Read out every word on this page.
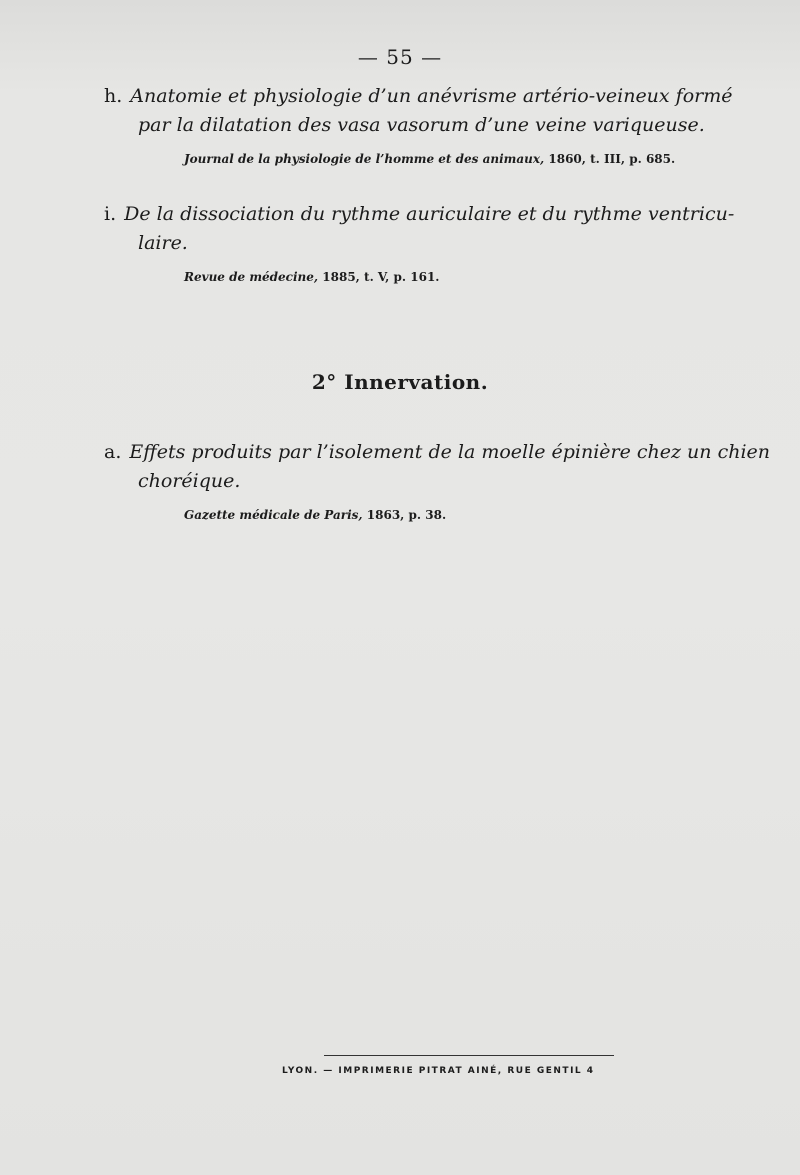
— 55 —

h. Anatomie et physiologie d’un anévrisme artério-veineux formé
par la dilatation des vasa vasorum d’une veine variqueuse.

Journal de la physiologie de l’homme et des animaux, 1860, t. III, p. 685.

i. De la dissociation du rythme auriculaire et du rythme ventricu-
laire.

Revue de médecine, 1885, t. V, p. 161.
2° Innervation.

a. Effets produits par l’isolement de la moelle épinière chez un chien
choréique.

Gazette médicale de Paris, 1863, p. 38.
LYON. — IMPRIMERIE PITRAT AINÉ, RUE GENTIL 4
